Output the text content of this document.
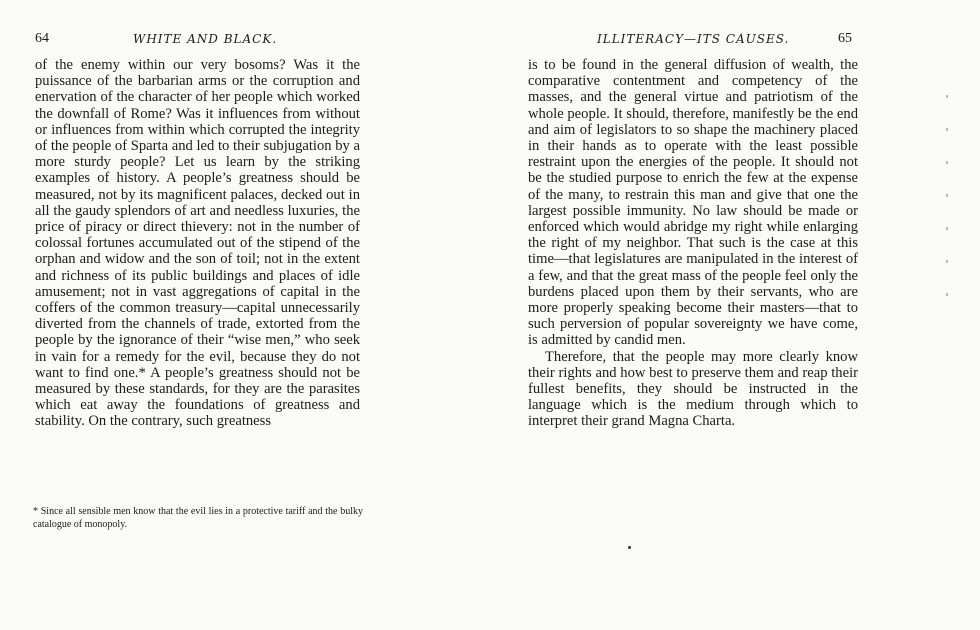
64	WHITE AND BLACK.

of the enemy within our very bosoms? Was it the puissance of the barbarian arms or the corruption and enervation of the character of her people which worked the downfall of Rome? Was it influences from without or influences from within which corrupted the integrity of the people of Sparta and led to their subjugation by a more sturdy people? Let us learn by the striking examples of history. A people’s greatness should be measured, not by its magnificent palaces, decked out in all the gaudy splendors of art and needless luxuries, the price of piracy or direct thievery: not in the number of colossal fortunes accumulated out of the stipend of the orphan and widow and the son of toil; not in the extent and richness of its public buildings and places of idle amusement; not in vast aggregations of capital in the coffers of the common treasury—capital unnecessarily diverted from the channels of trade, extorted from the people by the ignorance of their “wise men,” who seek in vain for a remedy for the evil, because they do not want to find one.* A people’s greatness should not be measured by these standards, for they are the parasites which eat away the foundations of greatness and stability. On the contrary, such greatness

* Since all sensible men know that the evil lies in a protective tariff and the bulky catalogue of monopoly.
ILLITERACY—ITS CAUSES.	65

is to be found in the general diffusion of wealth, the comparative contentment and competency of the masses, and the general virtue and patriotism of the whole people. It should, therefore, manifestly be the end and aim of legislators to so shape the machinery placed in their hands as to operate with the least possible restraint upon the energies of the people. It should not be the studied purpose to enrich the few at the expense of the many, to restrain this man and give that one the largest possible immunity. No law should be made or enforced which would abridge my right while enlarging the right of my neighbor. That such is the case at this time—that legislatures are manipulated in the interest of a few, and that the great mass of the people feel only the burdens placed upon them by their servants, who are more properly speaking become their masters—that to such perversion of popular sovereignty we have come, is admitted by candid men.

Therefore, that the people may more clearly know their rights and how best to preserve them and reap their fullest benefits, they should be instructed in the language which is the medium through which to interpret their grand Magna Charta.
